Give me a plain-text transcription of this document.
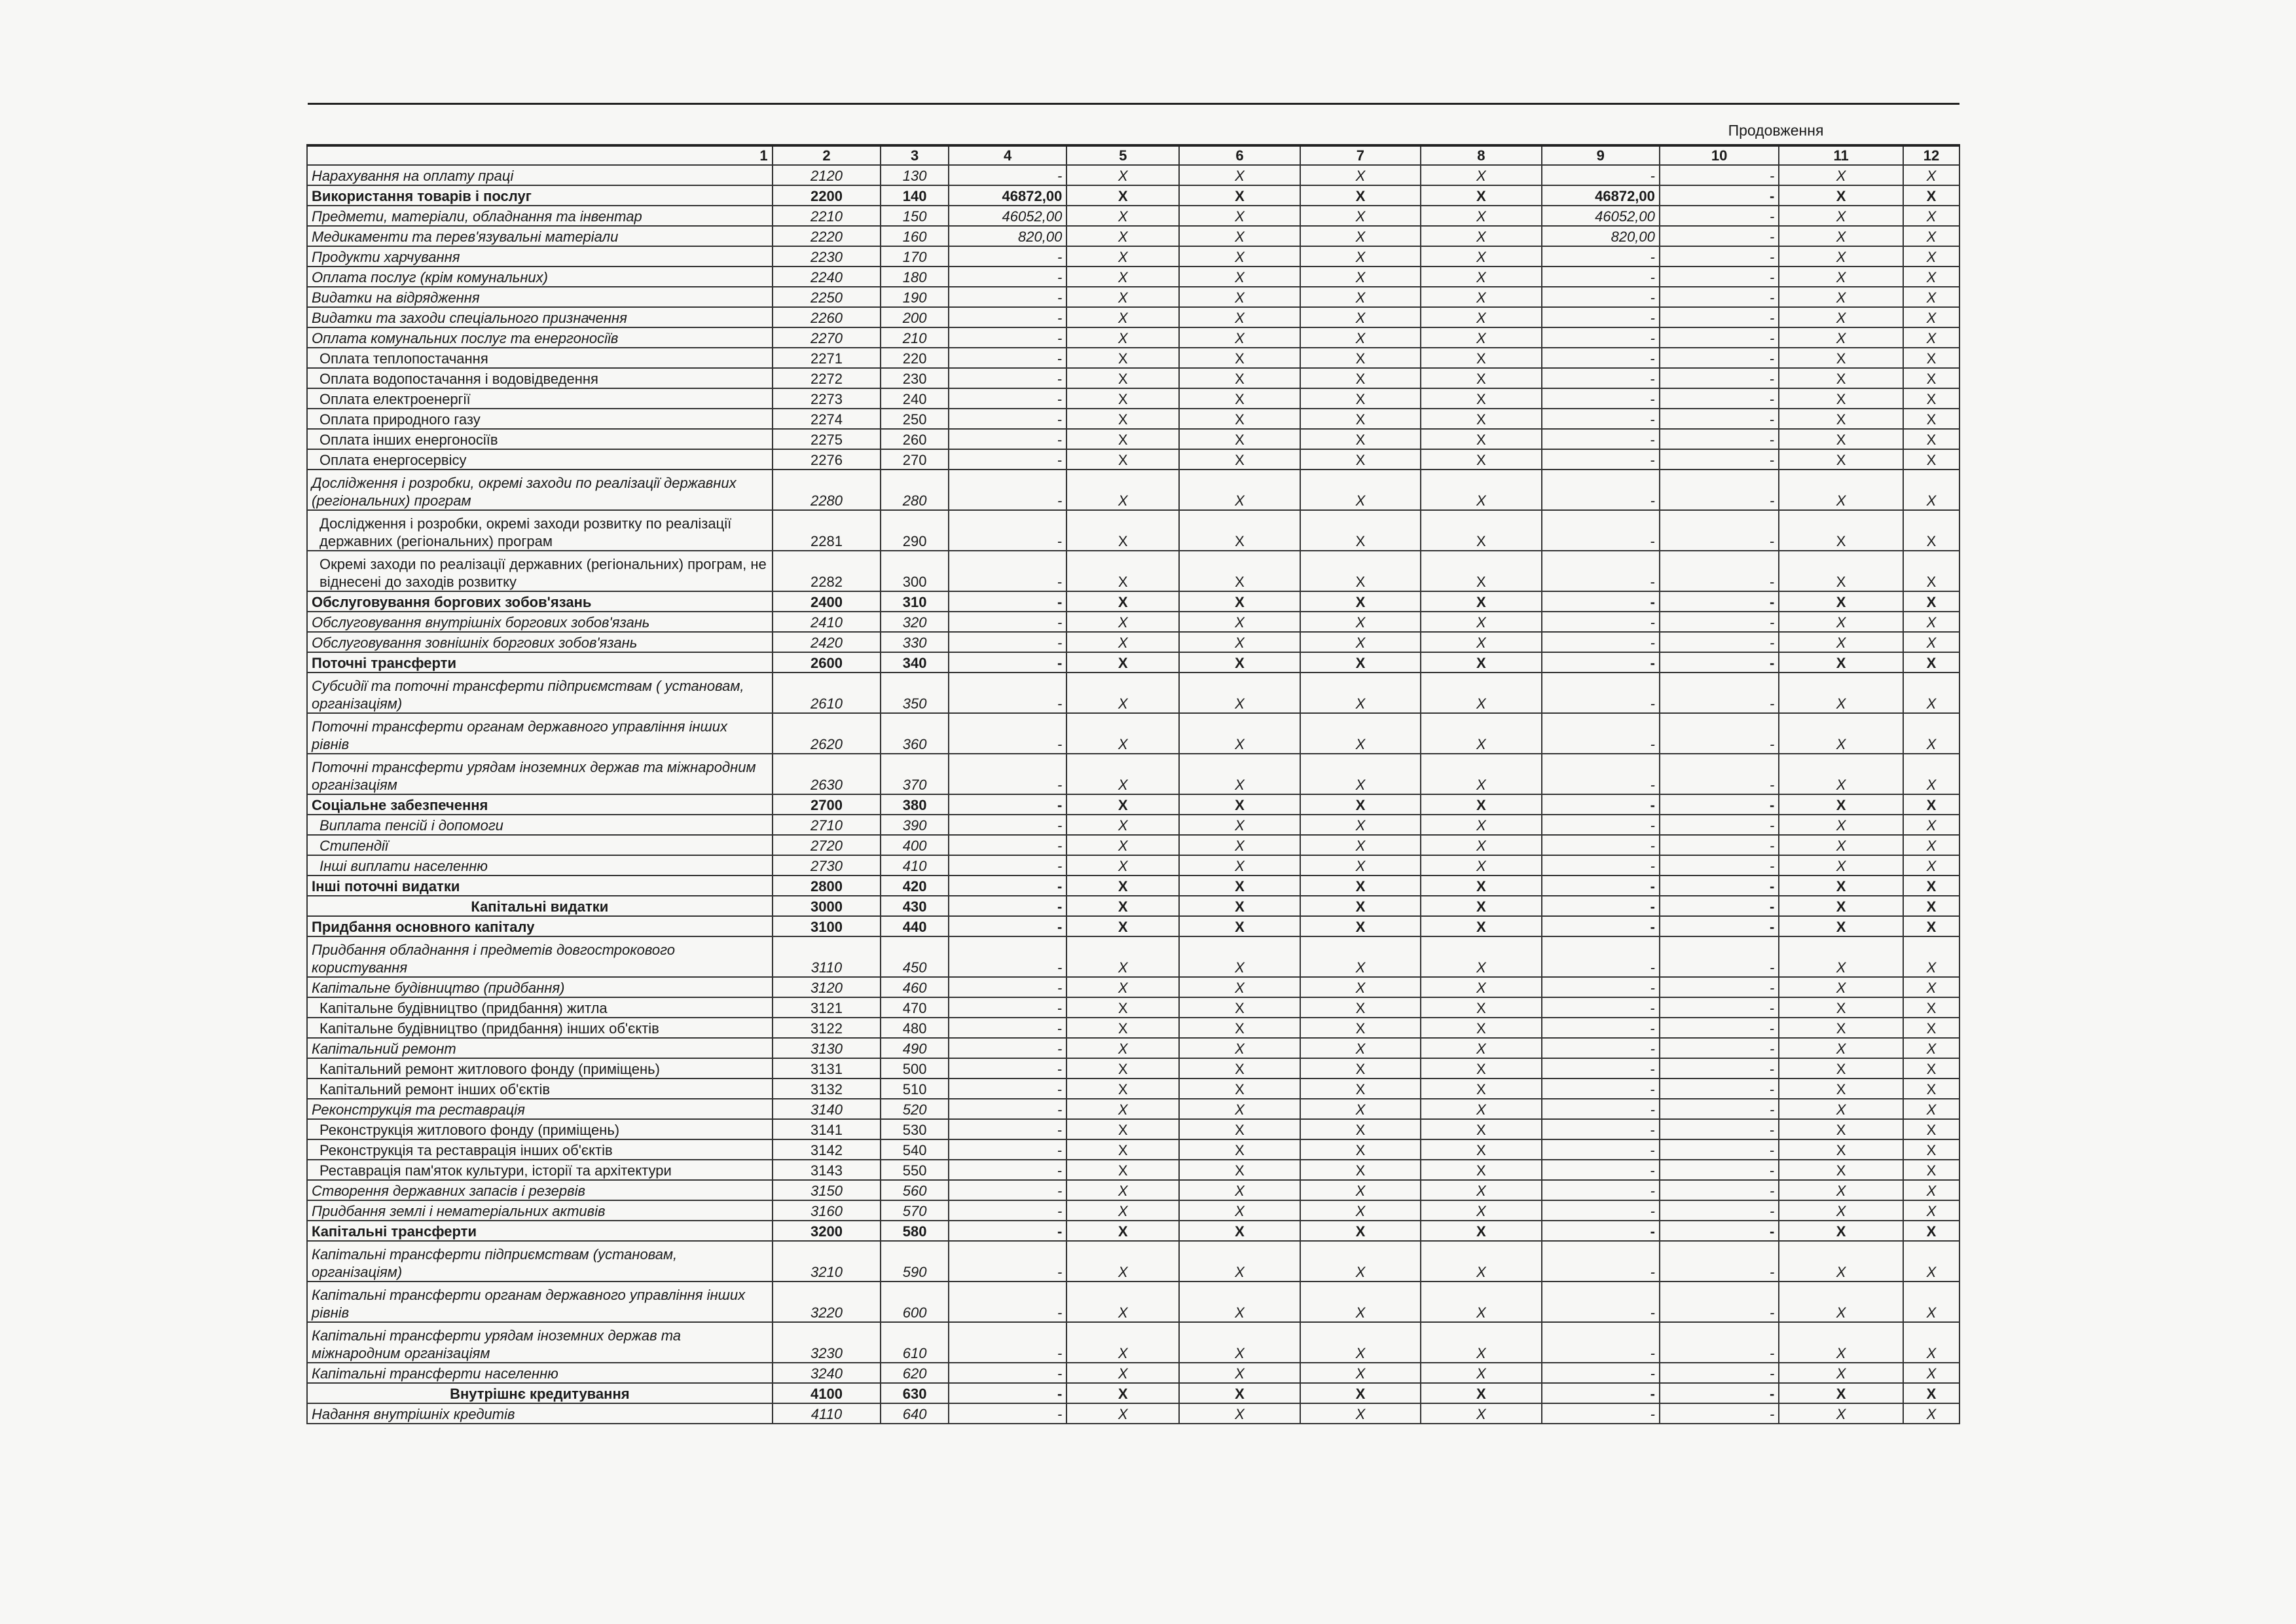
Продовження
1	2	3	4	5	6	7	8	9	10	11	12
Нарахування на оплату праці	2120	130	-	X	X	X	X	-	-	X	X
Використання товарів і послуг	2200	140	46872,00	X	X	X	X	46872,00	-	X	X
Предмети, матеріали, обладнання та інвентар	2210	150	46052,00	X	X	X	X	46052,00	-	X	X
Медикаменти та перев'язувальні матеріали	2220	160	820,00	X	X	X	X	820,00	-	X	X
Продукти харчування	2230	170	-	X	X	X	X	-	-	X	X
Оплата послуг (крім комунальних)	2240	180	-	X	X	X	X	-	-	X	X
Видатки на відрядження	2250	190	-	X	X	X	X	-	-	X	X
Видатки та заходи спеціального призначення	2260	200	-	X	X	X	X	-	-	X	X
Оплата комунальних послуг та енергоносіїв	2270	210	-	X	X	X	X	-	-	X	X
Оплата теплопостачання	2271	220	-	X	X	X	X	-	-	X	X
Оплата водопостачання і водовідведення	2272	230	-	X	X	X	X	-	-	X	X
Оплата електроенергії	2273	240	-	X	X	X	X	-	-	X	X
Оплата природного газу	2274	250	-	X	X	X	X	-	-	X	X
Оплата інших енергоносіїв	2275	260	-	X	X	X	X	-	-	X	X
Оплата енергосервісу	2276	270	-	X	X	X	X	-	-	X	X
Дослідження і розробки, окремі заходи по реалізації державних (регіональних) програм	2280	280	-	X	X	X	X	-	-	X	X
Дослідження і розробки, окремі заходи розвитку по реалізації державних (регіональних) програм	2281	290	-	X	X	X	X	-	-	X	X
Окремі заходи по реалізації державних (регіональних) програм, не віднесені до заходів розвитку	2282	300	-	X	X	X	X	-	-	X	X
Обслуговування боргових зобов'язань	2400	310	-	X	X	X	X	-	-	X	X
Обслуговування внутрішніх боргових зобов'язань	2410	320	-	X	X	X	X	-	-	X	X
Обслуговування зовнішніх боргових зобов'язань	2420	330	-	X	X	X	X	-	-	X	X
Поточні трансферти	2600	340	-	X	X	X	X	-	-	X	X
Субсидії та поточні трансферти підприємствам ( установам, організаціям)	2610	350	-	X	X	X	X	-	-	X	X
Поточні трансферти органам державного управління інших рівнів	2620	360	-	X	X	X	X	-	-	X	X
Поточні трансферти урядам іноземних держав та міжнародним організаціям	2630	370	-	X	X	X	X	-	-	X	X
Соціальне забезпечення	2700	380	-	X	X	X	X	-	-	X	X
Виплата пенсій і допомоги	2710	390	-	X	X	X	X	-	-	X	X
Стипендії	2720	400	-	X	X	X	X	-	-	X	X
Інші виплати населенню	2730	410	-	X	X	X	X	-	-	X	X
Інші поточні видатки	2800	420	-	X	X	X	X	-	-	X	X
Капітальні видатки	3000	430	-	X	X	X	X	-	-	X	X
Придбання основного капіталу	3100	440	-	X	X	X	X	-	-	X	X
Придбання обладнання і предметів довгострокового користування	3110	450	-	X	X	X	X	-	-	X	X
Капітальне будівництво (придбання)	3120	460	-	X	X	X	X	-	-	X	X
Капітальне будівництво (придбання) житла	3121	470	-	X	X	X	X	-	-	X	X
Капітальне будівництво (придбання) інших об'єктів	3122	480	-	X	X	X	X	-	-	X	X
Капітальний ремонт	3130	490	-	X	X	X	X	-	-	X	X
Капітальний ремонт житлового фонду (приміщень)	3131	500	-	X	X	X	X	-	-	X	X
Капітальний ремонт інших об'єктів	3132	510	-	X	X	X	X	-	-	X	X
Реконструкція та реставрація	3140	520	-	X	X	X	X	-	-	X	X
Реконструкція житлового фонду (приміщень)	3141	530	-	X	X	X	X	-	-	X	X
Реконструкція та реставрація інших об'єктів	3142	540	-	X	X	X	X	-	-	X	X
Реставрація пам'яток культури, історії та архітектури	3143	550	-	X	X	X	X	-	-	X	X
Створення державних запасів і резервів	3150	560	-	X	X	X	X	-	-	X	X
Придбання землі і нематеріальних активів	3160	570	-	X	X	X	X	-	-	X	X
Капітальні трансферти	3200	580	-	X	X	X	X	-	-	X	X
Капітальні трансферти підприємствам (установам, організаціям)	3210	590	-	X	X	X	X	-	-	X	X
Капітальні трансферти органам державного управління інших рівнів	3220	600	-	X	X	X	X	-	-	X	X
Капітальні трансферти урядам іноземних держав та міжнародним організаціям	3230	610	-	X	X	X	X	-	-	X	X
Капітальні трансферти населенню	3240	620	-	X	X	X	X	-	-	X	X
Внутрішнє кредитування	4100	630	-	X	X	X	X	-	-	X	X
Надання внутрішніх кредитів	4110	640	-	X	X	X	X	-	-	X	X
